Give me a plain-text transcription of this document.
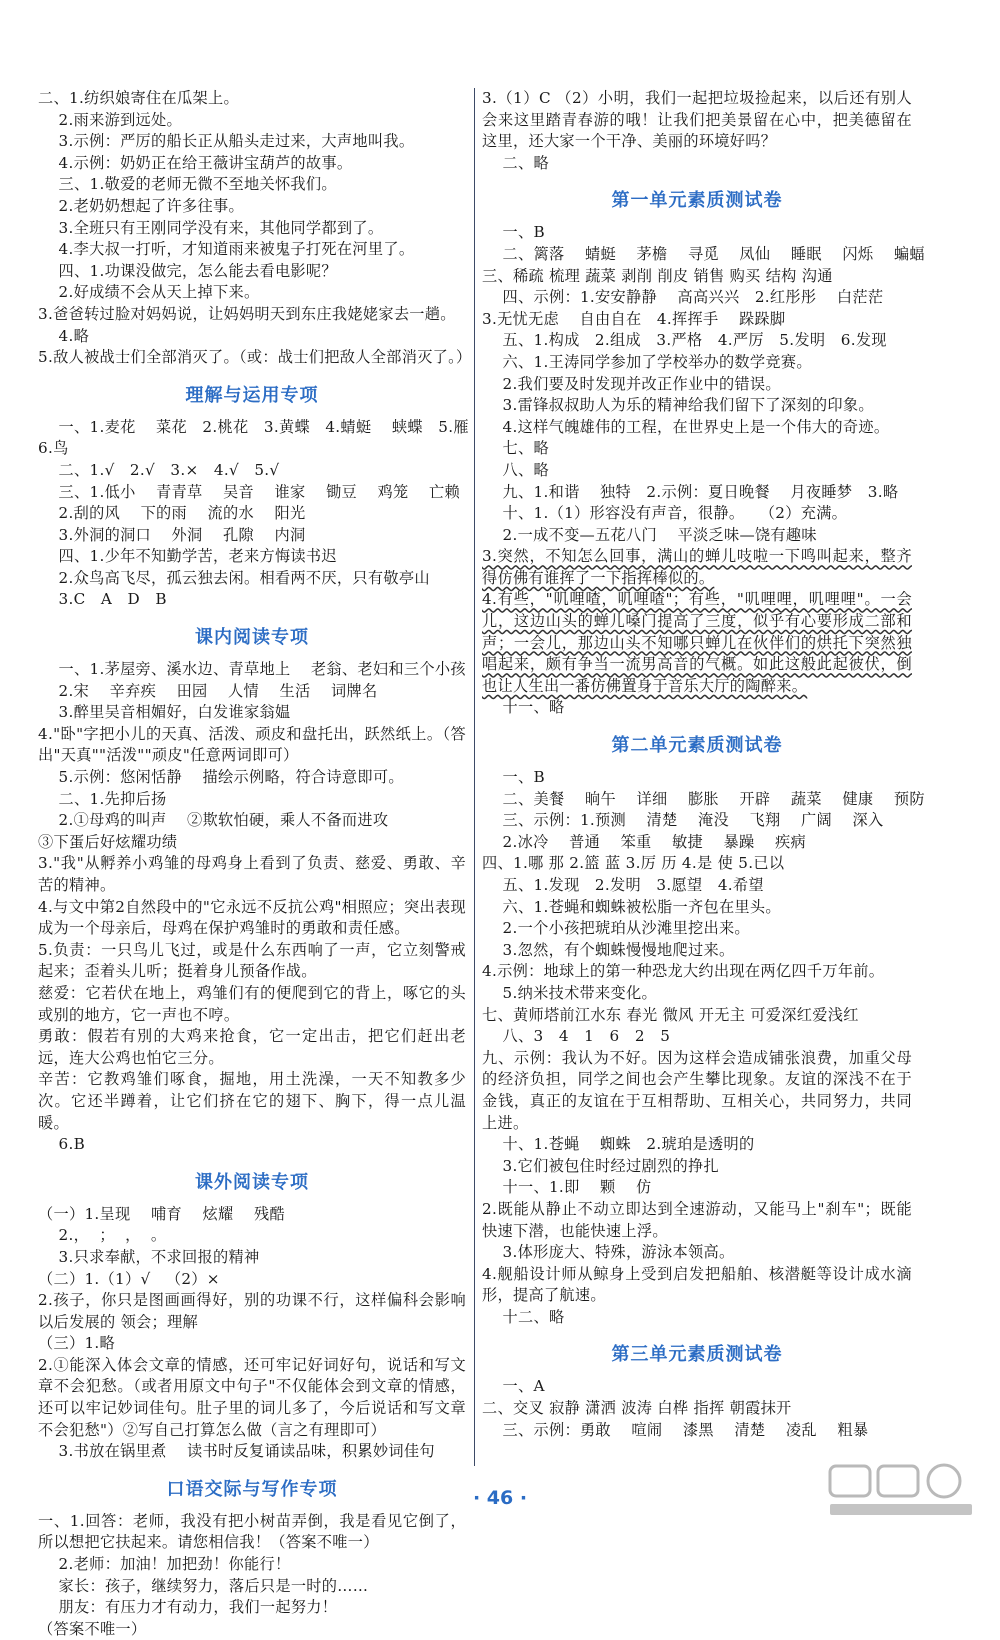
二、1.纺织娘寄住在瓜架上。
2.雨来游到远处。
3.示例：严厉的船长正从船头走过来，大声地叫我。
4.示例：奶奶正在给王薇讲宝葫芦的故事。
三、1.敬爱的老师无微不至地关怀我们。
2.老奶奶想起了许多往事。
3.全班只有王刚同学没有来，其他同学都到了。
4.李大叔一打听，才知道雨来被鬼子打死在河里了。
四、1.功课没做完，怎么能去看电影呢？
2.好成绩不会从天上掉下来。
3.爸爸转过脸对妈妈说，让妈妈明天到东庄我姥姥家去一趟。
4.略
5.敌人被战士们全部消灭了。（或：战士们把敌人全部消灭了。）
理解与运用专项
一、1.麦花    菜花   2.桃花   3.黄蝶   4.蜻蜓    蛱蝶   5.雁
6.鸟
二、1.√   2.√   3.×   4.√   5.√
三、1.低小    青青草    吴音    谁家    锄豆    鸡笼    亡赖
2.刮的风    下的雨    流的水    阳光
3.外洞的洞口    外洞    孔隙    内洞
四、1.少年不知勤学苦，老来方悔读书迟
2.众鸟高飞尽，孤云独去闲。相看两不厌，只有敬亭山
3.C   A   D   B
课内阅读专项
一、1.茅屋旁、溪水边、青草地上    老翁、老妇和三个小孩
2.宋    辛弃疾    田园    人情    生活    词牌名
3.醉里吴音相媚好，白发谁家翁媪
4."卧"字把小儿的天真、活泼、顽皮和盘托出，跃然纸上。（答出"天真""活泼""顽皮"任意两词即可）
5.示例：悠闲恬静    描绘示例略，符合诗意即可。
二、1.先抑后扬
2.①母鸡的叫声    ②欺软怕硬，乘人不备而进攻
③下蛋后好炫耀功绩
3."我"从孵养小鸡雏的母鸡身上看到了负责、慈爱、勇敢、辛苦的精神。
4.与文中第2自然段中的"它永远不反抗公鸡"相照应；突出表现成为一个母亲后，母鸡在保护鸡雏时的勇敢和责任感。
5.负责：一只鸟儿飞过，或是什么东西响了一声，它立刻警戒起来；歪着头儿听；挺着身儿预备作战。
慈爱：它若伏在地上，鸡雏们有的便爬到它的背上，啄它的头或别的地方，它一声也不哼。
勇敢：假若有別的大鸡来抢食，它一定出击，把它们赶出老远，连大公鸡也怕它三分。
辛苦：它教鸡雏们啄食，掘地，用土洗澡，一天不知教多少次。它还半蹲着，让它们挤在它的翅下、胸下，得一点儿温暖。
6.B
课外阅读专项
（一）1.呈现    哺育    炫耀    残酷
2.，  ；  ，  。
3.只求奉献，不求回报的精神
（二）1.（1）√   （2）×
2.孩子，你只是图画画得好，别的功课不行，这样偏科会影响以后发展的 领会；理解
（三）1.略
2.①能深入体会文章的情感，还可牢记好词好句，说话和写文章不会犯愁。（或者用原文中句子"不仅能体会到文章的情感，还可以牢记妙词佳句。肚子里的词儿多了，今后说话和写文章不会犯愁"）②写自己打算怎么做（言之有理即可）
3.书放在锅里煮    读书时反复诵读品味，积累妙词佳句
口语交际与写作专项
一、1.回答：老师，我没有把小树苗弄倒，我是看见它倒了，所以想把它扶起来。请您相信我！（答案不唯一）
2.老师：加油！加把劲！你能行！
家长：孩子，继续努力，落后只是一时的……
朋友：有压力才有动力，我们一起努力！
（答案不唯一）
3.（1）C （2）小明，我们一起把垃圾捡起来，以后还有别人会来这里踏青春游的哦！让我们把美景留在心中，把美德留在这里，还大家一个干净、美丽的环境好吗？
二、略
第一单元素质测试卷
一、B
二、篱落    蜻蜓    茅檐    寻觅    凤仙    睡眠    闪烁    蝙蝠
三、稀疏 梳理 蔬菜 剥削 削皮 销售 购买 结构 沟通
四、示例：1.安安静静    高高兴兴   2.红彤彤    白茫茫
3.无忧无虑    自由自在   4.挥挥手    跺跺脚
五、1.构成   2.组成   3.严格   4.严厉   5.发明   6.发现
六、1.王涛同学参加了学校举办的数学竞赛。
2.我们要及时发现并改正作业中的错误。
3.雷锋叔叔助人为乐的精神给我们留下了深刻的印象。
4.这样气魄雄伟的工程，在世界史上是一个伟大的奇迹。
七、略
八、略
九、1.和谐    独特   2.示例：夏日晚餐    月夜睡梦   3.略
十、1.（1）形容没有声音，很静。   （2）充满。
2.一成不变—五花八门    平淡乏味—饶有趣味
3.突然，不知怎么回事，满山的蝉儿吱啦一下鸣叫起来，整齐得仿佛有谁挥了一下指挥棒似的。
4.有些，"叽哩喳，叽哩喳"；有些，"叽哩哩，叽哩哩"。一会儿，这边山头的蝉儿嗓门提高了三度，似乎有心要形成二部和声；一会儿，那边山头不知哪只蝉儿在伙伴们的烘托下突然独唱起来，颇有争当一流男高音的气概。如此这般此起彼伏，倒也让人生出一番仿佛置身于音乐大厅的陶醉来。
十一、略
第二单元素质测试卷
一、B
二、美餐    晌午    详细    膨胀    开辟    蔬菜    健康    预防
三、示例：1.预测    清楚    淹没    飞翔    广阔    深入
2.冰冷    普通    笨重    敏捷    暴躁    疾病
四、1.哪 那 2.篮 蓝 3.厉 历 4.是 使 5.已以
五、1.发现   2.发明   3.愿望   4.希望
六、1.苍蝇和蜘蛛被松脂一齐包在里头。
2.一个小孩把琥珀从沙滩里挖出来。
3.忽然，有个蜘蛛慢慢地爬过来。
4.示例：地球上的第一种恐龙大约出现在两亿四千万年前。
5.纳米技术带来变化。
七、黄师塔前江水东 春光 微风 开无主 可爱深红爱浅红
八、3   4   1   6   2   5
九、示例：我认为不好。因为这样会造成铺张浪费，加重父母的经济负担，同学之间也会产生攀比现象。友谊的深浅不在于金钱，真正的友谊在于互相帮助、互相关心，共同努力，共同上进。
十、1.苍蝇    蜘蛛   2.琥珀是透明的
3.它们被包住时经过剧烈的挣扎
十一、1.即    颗    仿
2.既能从静止不动立即达到全速游动，又能马上"刹车"；既能快速下潜，也能快速上浮。
3.体形庞大、特殊，游泳本领高。
4.舰船设计师从鲸身上受到启发把船舶、核潜艇等设计成水滴形，提高了航速。
十二、略
第三单元素质测试卷
一、A
二、交叉 寂静 潇洒 波涛 白桦 指挥 朝霞抹开
三、示例：勇敢    喧闹    漆黑    清楚    凌乱    粗暴
· 46 ·
